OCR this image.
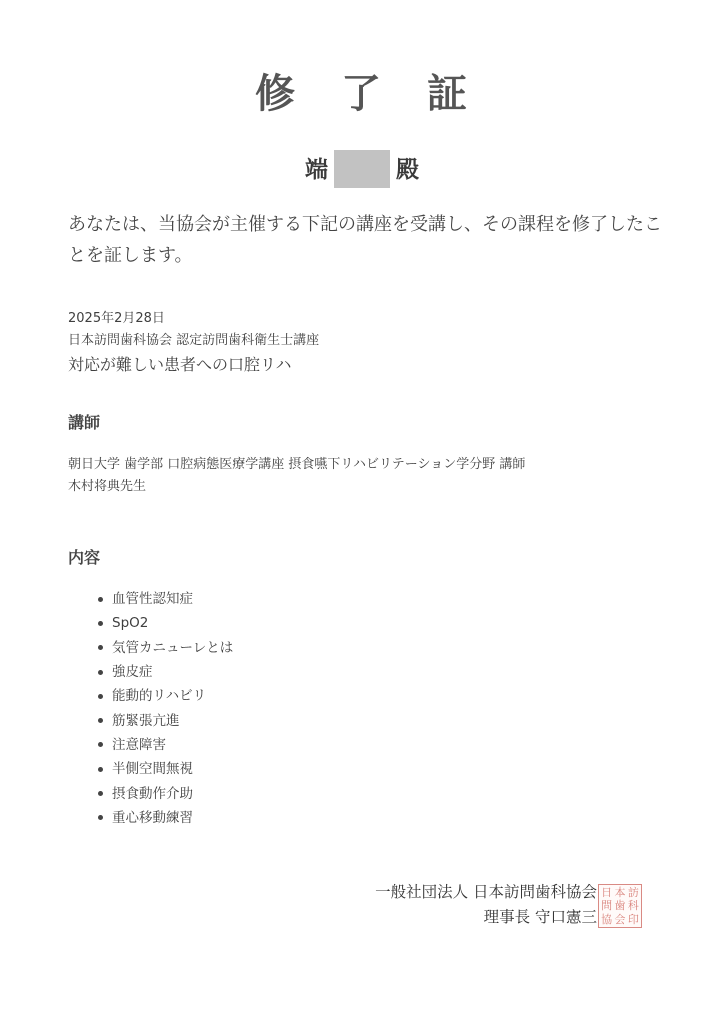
修 了 証
端	殿
あなたは、当協会が主催する下記の講座を受講し、その課程を修了したことを証します。
2025年2月28日
日本訪問歯科協会 認定訪問歯科衛生士講座
対応が難しい患者への口腔リハ
講師
朝日大学 歯学部 口腔病態医療学講座 摂食嚥下リハビリテーション学分野 講師
木村将典先生
内容
血管性認知症
SpO2
気管カニューレとは
強皮症
能動的リハビリ
筋緊張亢進
注意障害
半側空間無視
摂食動作介助
重心移動練習
一般社団法人 日本訪問歯科協会
理事長 守口憲三
日 本 訪
問 歯 科
協 会 印
